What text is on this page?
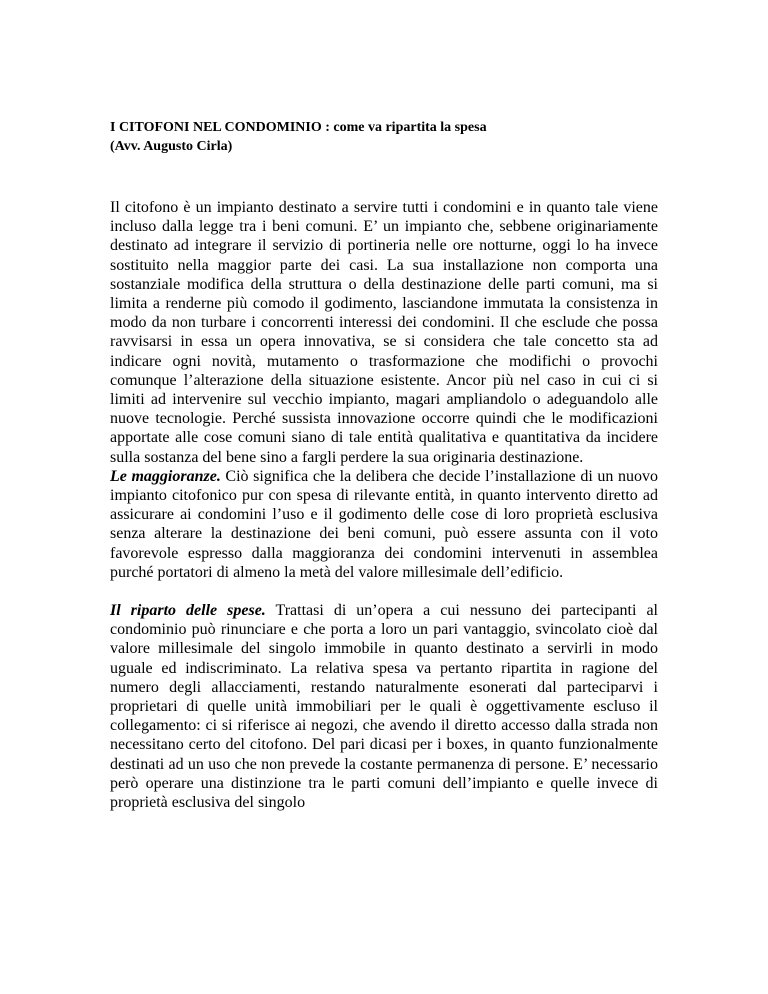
I CITOFONI NEL CONDOMINIO : come va ripartita la spesa

(Avv. Augusto Cirla)

Il citofono è un impianto destinato a servire tutti i condomini e in quanto tale viene incluso dalla legge tra i beni comuni. E’ un impianto che, sebbene originariamente destinato ad integrare il servizio di portineria nelle ore notturne, oggi lo ha invece sostituito nella maggior parte dei casi. La sua installazione non comporta una sostanziale modifica della struttura o della destinazione delle parti comuni, ma si limita a renderne più comodo il godimento, lasciandone immutata la consistenza in modo da non turbare i concorrenti interessi dei condomini. Il che esclude che possa ravvisarsi in essa un opera innovativa, se si considera che tale concetto sta ad indicare ogni novità, mutamento o trasformazione che modifichi o provochi comunque l’alterazione della situazione esistente. Ancor più nel caso in cui ci si limiti ad intervenire sul vecchio impianto, magari ampliandolo o adeguandolo alle nuove tecnologie. Perché sussista innovazione occorre quindi che le modificazioni apportate alle cose comuni siano di tale entità qualitativa e quantitativa da incidere sulla sostanza del bene sino a fargli perdere la sua originaria destinazione.

Le maggioranze. Ciò significa che la delibera che decide l’installazione di un nuovo impianto citofonico pur con spesa di rilevante entità, in quanto intervento diretto ad assicurare ai condomini l’uso e il godimento delle cose di loro proprietà esclusiva senza alterare la destinazione dei beni comuni, può essere assunta con il voto favorevole espresso dalla maggioranza dei condomini intervenuti in assemblea purché portatori di almeno la metà del valore millesimale dell’edificio.

Il riparto delle spese. Trattasi di un’opera a cui nessuno dei partecipanti al condominio può rinunciare e che porta a loro un pari vantaggio, svincolato cioè dal valore millesimale del singolo immobile in quanto destinato a servirli in modo uguale ed indiscriminato. La relativa spesa va pertanto ripartita in ragione del numero degli allacciamenti, restando naturalmente esonerati dal parteciparvi i proprietari di quelle unità immobiliari per le quali è oggettivamente escluso il collegamento: ci si riferisce ai negozi, che avendo il diretto accesso dalla strada non necessitano certo del citofono. Del pari dicasi per i boxes, in quanto funzionalmente destinati ad un uso che non prevede la costante permanenza di persone. E’ necessario però operare una distinzione tra le parti comuni dell’impianto e quelle invece di proprietà esclusiva del singolo
